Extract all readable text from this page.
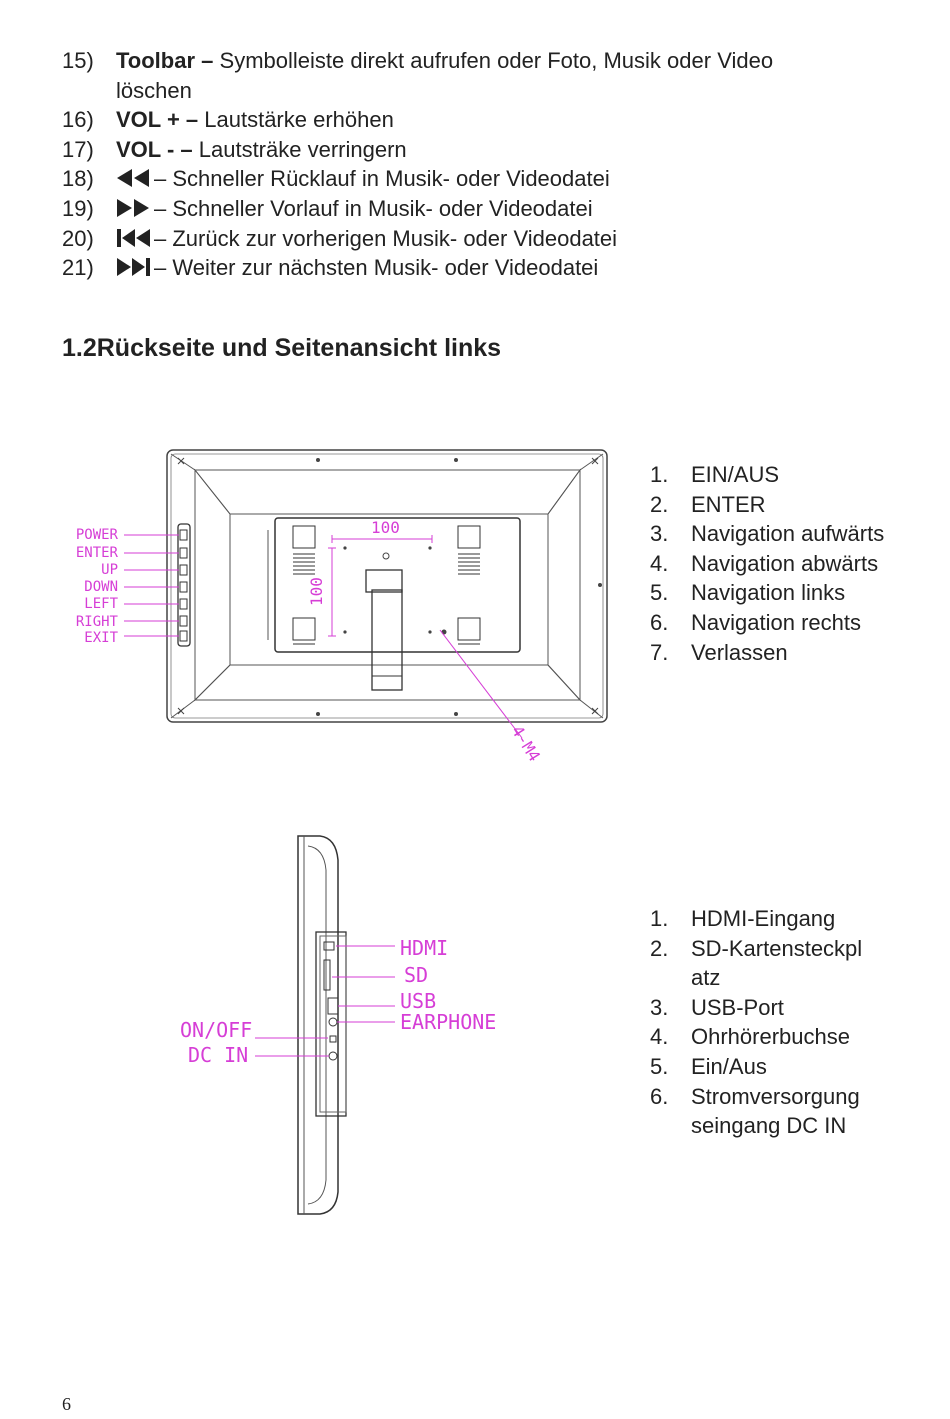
15)	Toolbar – Symbolleiste direkt aufrufen oder Foto, Musik oder Video
löschen
16)	VOL + – Lautstärke erhöhen
17)	VOL - – Lautsträke verringern
18)	– Schneller Rücklauf in Musik- oder Videodatei
19)	– Schneller Vorlauf in Musik- oder Videodatei
20)	– Zurück zur vorherigen Musik- oder Videodatei
21)	– Weiter zur nächsten Musik- oder Videodatei
1.2Rückseite und Seitenansicht links
100
100
4-M4
POWER
ENTER
UP
DOWN
LEFT
RIGHT
EXIT
1.	EIN/AUS
2.	ENTER
3.	Navigation aufwärts
4.	Navigation abwärts
5.	Navigation links
6.	Navigation rechts
7.	Verlassen
HDMI
SD
USB
EARPHONE
ON/OFF
DC IN
1.	HDMI-Eingang
2.	SD-Kartensteckpl atz
3.	USB-Port
4.	Ohrhörerbuchse
5.	Ein/Aus
6.	Stromversorgung seingang DC IN
6
